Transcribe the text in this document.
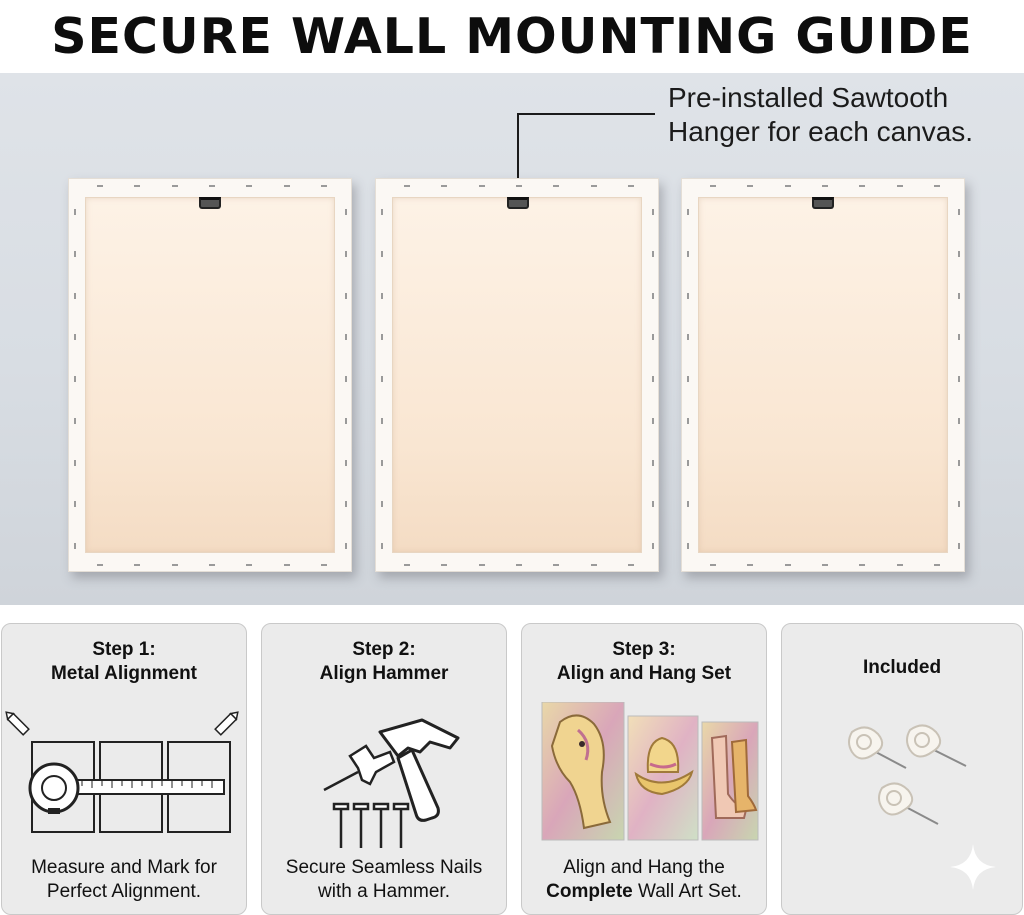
SECURE WALL MOUNTING GUIDE
Pre-installed Sawtooth
Hanger for each canvas.
Step 1:
Metal Alignment
Measure and Mark for
Perfect Alignment.
Step 2:
Align Hammer
Secure Seamless Nails
with a Hammer.
Step 3:
Align and Hang Set
Align and Hang the
Complete Wall Art Set.
Included
